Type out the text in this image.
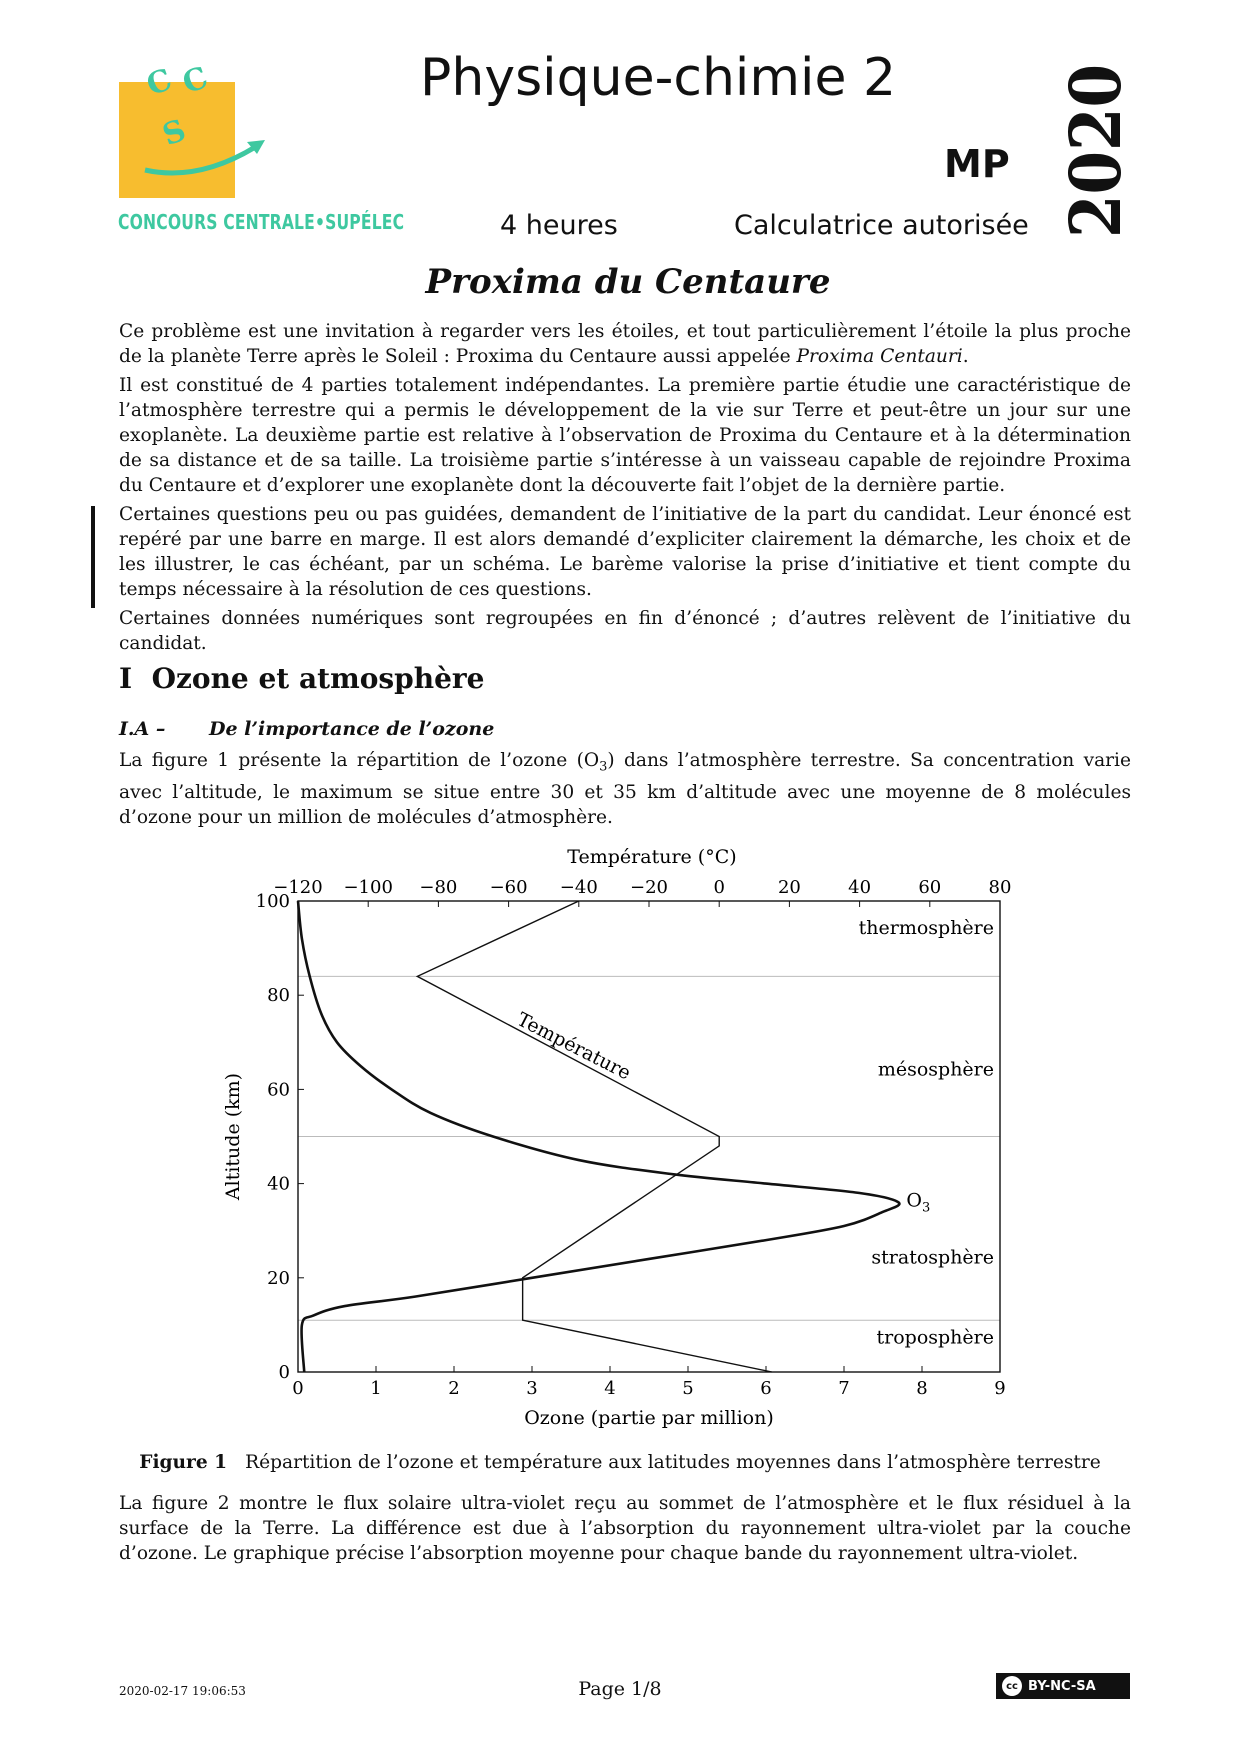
C C
S
CONCOURS CENTRALE•SUPÉLEC
Physique-chimie 2
MP
4 heures	Calculatrice autorisée 2020
Proxima du Centaure

Ce problème est une invitation à regarder vers les étoiles, et tout particulièrement l’étoile la plus proche de la planète Terre après le Soleil : Proxima du Centaure aussi appelée Proxima Centauri.

Il est constitué de 4 parties totalement indépendantes. La première partie étudie une caractéristique de l’atmosphère terrestre qui a permis le développement de la vie sur Terre et peut-être un jour sur une exoplanète. La deuxième partie est relative à l’observation de Proxima du Centaure et à la détermination de sa distance et de sa taille. La troisième partie s’intéresse à un vaisseau capable de rejoindre Proxima du Centaure et d’explorer une exoplanète dont la découverte fait l’objet de la dernière partie.

Certaines questions peu ou pas guidées, demandent de l’initiative de la part du candidat. Leur énoncé est repéré par une barre en marge. Il est alors demandé d’expliciter clairement la démarche, les choix et de les illustrer, le cas échéant, par un schéma. Le barème valorise la prise d’initiative et tient compte du temps nécessaire à la résolution de ces questions.

Certaines données numériques sont regroupées en fin d’énoncé ; d’autres relèvent de l’initiative du candidat.

I Ozone et atmosphère
I.A – De l’importance de l’ozone

La figure 1 présente la répartition de l’ozone $(O_3)$ dans l’atmosphère terrestre. Sa concentration varie avec l’altitude, le maximum se situe entre 30 et 35 km d’altitude avec une moyenne de 8 molécules d’ozone pour un million de molécules d’atmosphère.

thermosphère
mésosphère
stratosphère
troposphère
0	1	2	3	4	5	6	7	8	9
−120 −100 −80 −60 −40 −20	0	20	40	60	80
0
20
40
60
80
100
Température (°C)
Ozone (partie par million)
Altitude (km)
Température
$O_3$
Figure 1 Répartition de l’ozone et température aux latitudes moyennes dans l’atmosphère terrestre

La figure 2 montre le flux solaire ultra-violet reçu au sommet de l’atmosphère et le flux résiduel à la surface de la Terre. La différence est due à l’absorption du rayonnement ultra-violet par la couche d’ozone. Le graphique précise l’absorption moyenne pour chaque bande du rayonnement ultra-violet.

2020-02-17 19:06:53	Page 1/8	cc BY-NC-SA
